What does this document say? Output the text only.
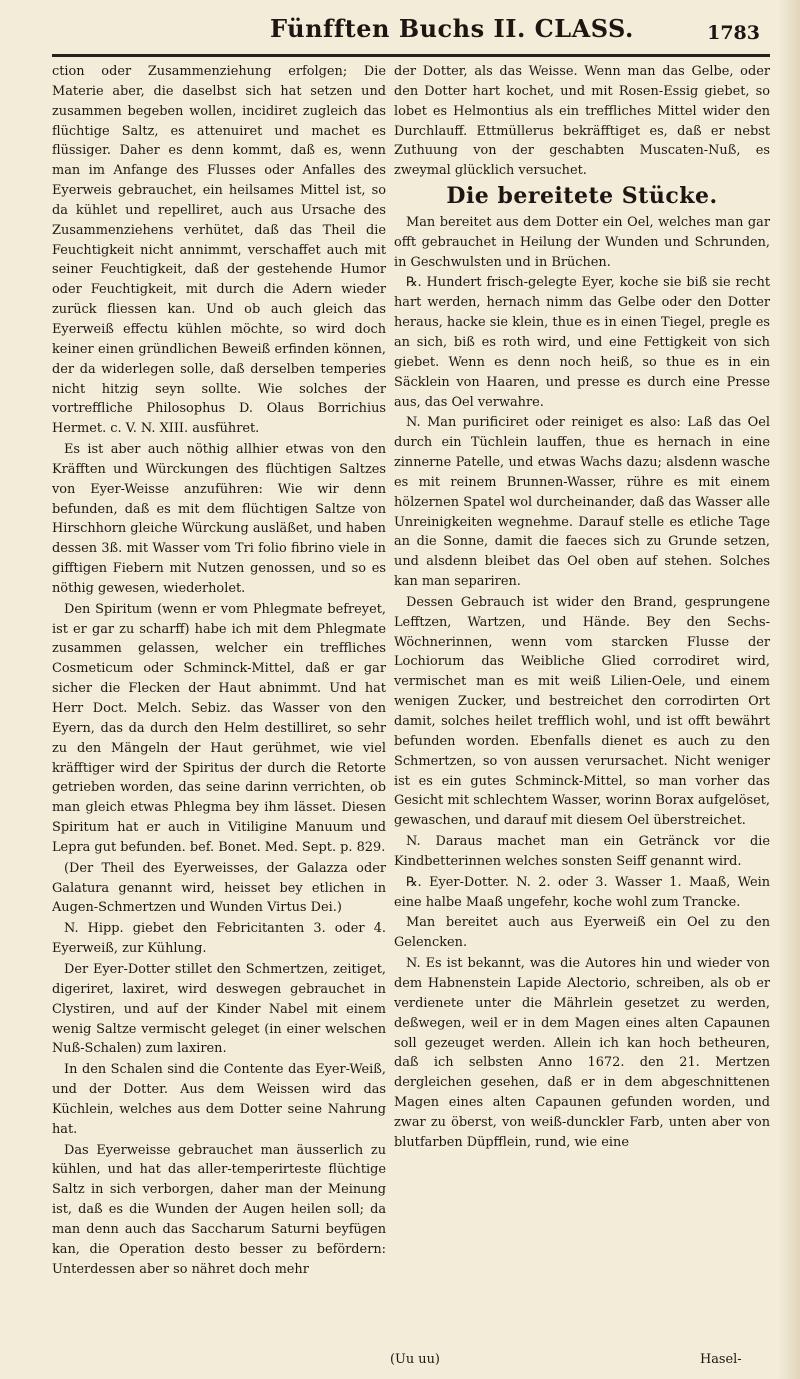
Fünfften Buchs II. CLASS.	1783

ction oder Zusammenziehung erfolgen; Die Materie aber, die daselbst sich hat setzen und zusammen begeben wollen, incidiret zugleich das flüchtige Saltz, es attenuiret und machet es flüssiger. Daher es denn kommt, daß es, wenn man im Anfange des Flusses oder Anfalles des Eyerweis gebrauchet, ein heilsames Mittel ist, so da kühlet und repelliret, auch aus Ursache des Zusammenziehens verhütet, daß das Theil die Feuchtigkeit nicht annimmt, verschaffet auch mit seiner Feuchtigkeit, daß der gestehende Humor oder Feuchtigkeit, mit durch die Adern wieder zurück fliessen kan. Und ob auch gleich das Eyerweiß effectu kühlen möchte, so wird doch keiner einen gründlichen Beweiß erfinden können, der da widerlegen solle, daß derselben temperies nicht hitzig seyn sollte. Wie solches der vortreffliche Philosophus D. Olaus Borrichius Hermet. c. V. N. XIII. ausführet.

Es ist aber auch nöthig allhier etwas von den Kräfften und Würckungen des flüchtigen Saltzes von Eyer-Weisse anzuführen: Wie wir denn befunden, daß es mit dem flüchtigen Saltze von Hirschhorn gleiche Würckung ausläßet, und haben dessen 3ß. mit Wasser vom Tri folio fibrino viele in gifftigen Fiebern mit Nutzen genossen, und so es nöthig gewesen, wiederholet.

Den Spiritum (wenn er vom Phlegmate befreyet, ist er gar zu scharff) habe ich mit dem Phlegmate zusammen gelassen, welcher ein treffliches Cosmeticum oder Schminck-Mittel, daß er gar sicher die Flecken der Haut abnimmt. Und hat Herr Doct. Melch. Sebiz. das Wasser von den Eyern, das da durch den Helm destilliret, so sehr zu den Mängeln der Haut gerühmet, wie viel kräfftiger wird der Spiritus der durch die Retorte getrieben worden, das seine darinn verrichten, ob man gleich etwas Phlegma bey ihm lässet. Diesen Spiritum hat er auch in Vitiligine Manuum und Lepra gut befunden. bef. Bonet. Med. Sept. p. 829.

(Der Theil des Eyerweisses, der Galazza oder Galatura genannt wird, heisset bey etlichen in Augen-Schmertzen und Wunden Virtus Dei.)

N. Hipp. giebet den Febricitanten 3. oder 4. Eyerweiß, zur Kühlung.

Der Eyer-Dotter stillet den Schmertzen, zeitiget, digeriret, laxiret, wird deswegen gebrauchet in Clystiren, und auf der Kinder Nabel mit einem wenig Saltze vermischt geleget (in einer welschen Nuß-Schalen) zum laxiren.

In den Schalen sind die Contente das Eyer-Weiß, und der Dotter. Aus dem Weissen wird das Küchlein, welches aus dem Dotter seine Nahrung hat.

Das Eyerweisse gebrauchet man äusserlich zu kühlen, und hat das aller-temperirteste flüchtige Saltz in sich verborgen, daher man der Meinung ist, daß es die Wunden der Augen heilen soll; da man denn auch das Saccharum Saturni beyfügen kan, die Operation desto besser zu befördern: Unterdessen aber so nähret doch mehr

der Dotter, als das Weisse. Wenn man das Gelbe, oder den Dotter hart kochet, und mit Rosen-Essig giebet, so lobet es Helmontius als ein treffliches Mittel wider den Durchlauff. Ettmüllerus bekräfftiget es, daß er nebst Zuthuung von der geschabten Muscaten-Nuß, es zweymal glücklich versuchet.

Die bereitete Stücke.

Man bereitet aus dem Dotter ein Oel, welches man gar offt gebrauchet in Heilung der Wunden und Schrunden, in Geschwulsten und in Brüchen.

℞. Hundert frisch-gelegte Eyer, koche sie biß sie recht hart werden, hernach nimm das Gelbe oder den Dotter heraus, hacke sie klein, thue es in einen Tiegel, pregle es an sich, biß es roth wird, und eine Fettigkeit von sich giebet. Wenn es denn noch heiß, so thue es in ein Säcklein von Haaren, und presse es durch eine Presse aus, das Oel verwahre.

N. Man purificiret oder reiniget es also: Laß das Oel durch ein Tüchlein lauffen, thue es hernach in eine zinnerne Patelle, und etwas Wachs dazu; alsdenn wasche es mit reinem Brunnen-Wasser, rühre es mit einem hölzernen Spatel wol durcheinander, daß das Wasser alle Unreinigkeiten wegnehme. Darauf stelle es etliche Tage an die Sonne, damit die faeces sich zu Grunde setzen, und alsdenn bleibet das Oel oben auf stehen. Solches kan man separiren.

Dessen Gebrauch ist wider den Brand, gesprungene Lefftzen, Wartzen, und Hände. Bey den Sechs-Wöchnerinnen, wenn vom starcken Flusse der Lochiorum das Weibliche Glied corrodiret wird, vermischet man es mit weiß Lilien-Oele, und einem wenigen Zucker, und bestreichet den corrodirten Ort damit, solches heilet trefflich wohl, und ist offt bewährt befunden worden. Ebenfalls dienet es auch zu den Schmertzen, so von aussen verursachet. Nicht weniger ist es ein gutes Schminck-Mittel, so man vorher das Gesicht mit schlechtem Wasser, worinn Borax aufgelöset, gewaschen, und darauf mit diesem Oel überstreichet.

N. Daraus machet man ein Getränck vor die Kindbetterinnen welches sonsten Seiff genannt wird.

℞. Eyer-Dotter. N. 2. oder 3. Wasser 1. Maaß, Wein eine halbe Maaß ungefehr, koche wohl zum Trancke.

Man bereitet auch aus Eyerweiß ein Oel zu den Gelencken.

N. Es ist bekannt, was die Autores hin und wieder von dem Habnenstein Lapide Alectorio, schreiben, als ob er verdienete unter die Mährlein gesetzet zu werden, deßwegen, weil er in dem Magen eines alten Capaunen soll gezeuget werden. Allein ich kan hoch betheuren, daß ich selbsten Anno 1672. den 21. Mertzen dergleichen gesehen, daß er in dem abgeschnittenen Magen eines alten Capaunen gefunden worden, und zwar zu öberst, von weiß-dunckler Farb, unten aber von blutfarben Düpfflein, rund, wie eine

(Uu uu)	Hasel-
